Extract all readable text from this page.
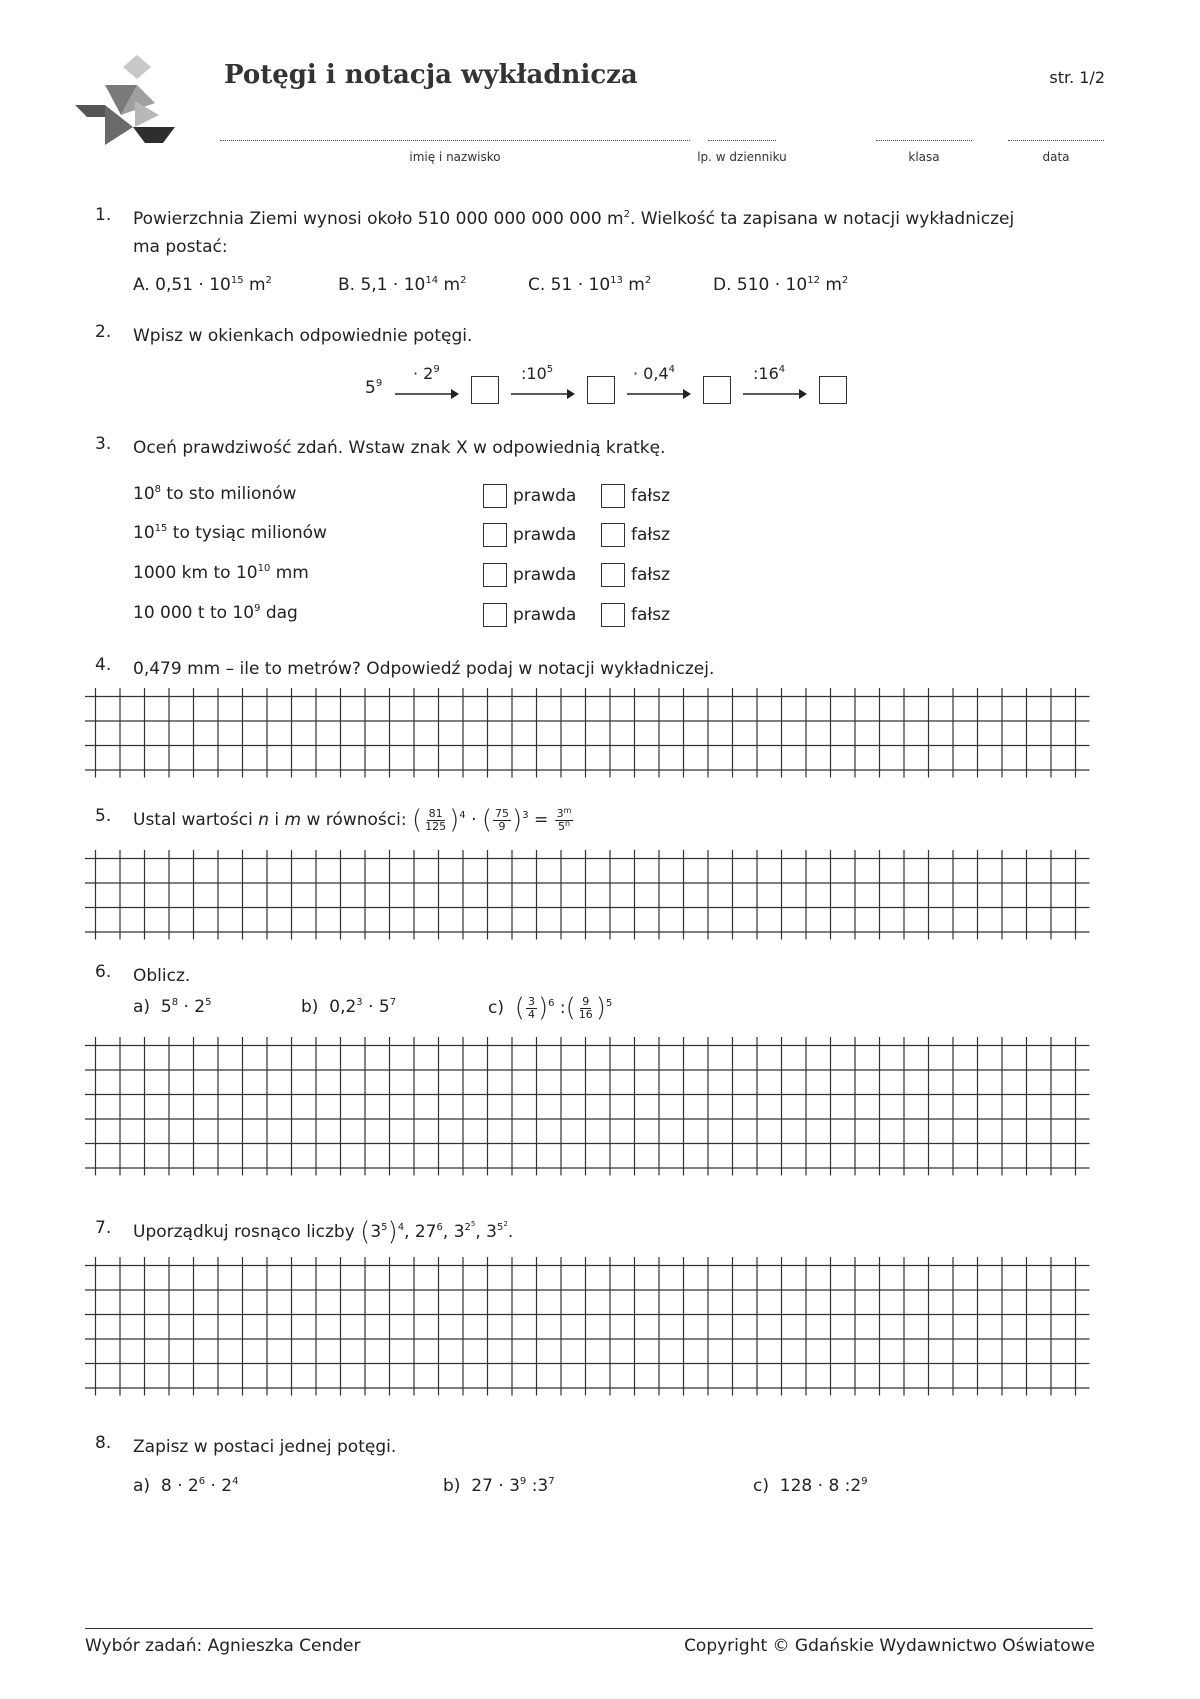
Potęgi i notacja wykładnicza	str. 1/2
imię i nazwisko	lp. w dzienniku	klasa	data
1.	Powierzchnia Ziemi wynosi około 510 000 000 000 000 $m^2$. Wielkość ta zapisana w notacji wykładniczej
ma postać:
A. $0,51 \cdot 10^{15}$ $m^2$	B. $5,1 \cdot 10^{14}$ $m^2$	C. $51 \cdot 10^{13}$ $m^2$	D. $510 \cdot 10^{12}$ $m^2$
2.	Wpisz w okienkach odpowiednie potęgi.
$5^9$
· $2^9$	$:10^5$	· $0,4^4$	$:16^4$
3.	Oceń prawdziwość zdań. Wstaw znak X w odpowiednią kratkę.
$10^8$ to sto milionów	prawda	fałsz
$10^{15}$ to tysiąc milionów	prawda	fałsz
1000 km to $10^{10}$ mm	prawda	fałsz
10 000 t to $10^9$ dag	prawda	fałsz
4.	0,479 mm – ile to metrów? Odpowiedź podaj w notacji wykładniczej.
5.	Ustal wartości n i m w równości: ( $\frac{81}{125} )^4$ · ( $\frac{75}{9} )^3 = \frac{3^m}{5^n}$
6.	Oblicz.
a) $5^8 \cdot 2^5$	b) $0,2^3 \cdot 5^7$	c) ( $\frac{3}{4} )^6$ :( $\frac{9}{16} )^5$
7.	Uporządkuj rosnąco liczby $(3^5)^4$, $27^6$, $3^{2^5}$, $3^{5^2}$.
8.	Zapisz w postaci jednej potęgi.
a) $8 \cdot 2^6 \cdot 2^4$	b) $27 \cdot 3^9$ $:3^7$	c) 128 · 8 $:2^9$
Wybór zadań: Agnieszka Cender	Copyright © Gdańskie Wydawnictwo Oświatowe
